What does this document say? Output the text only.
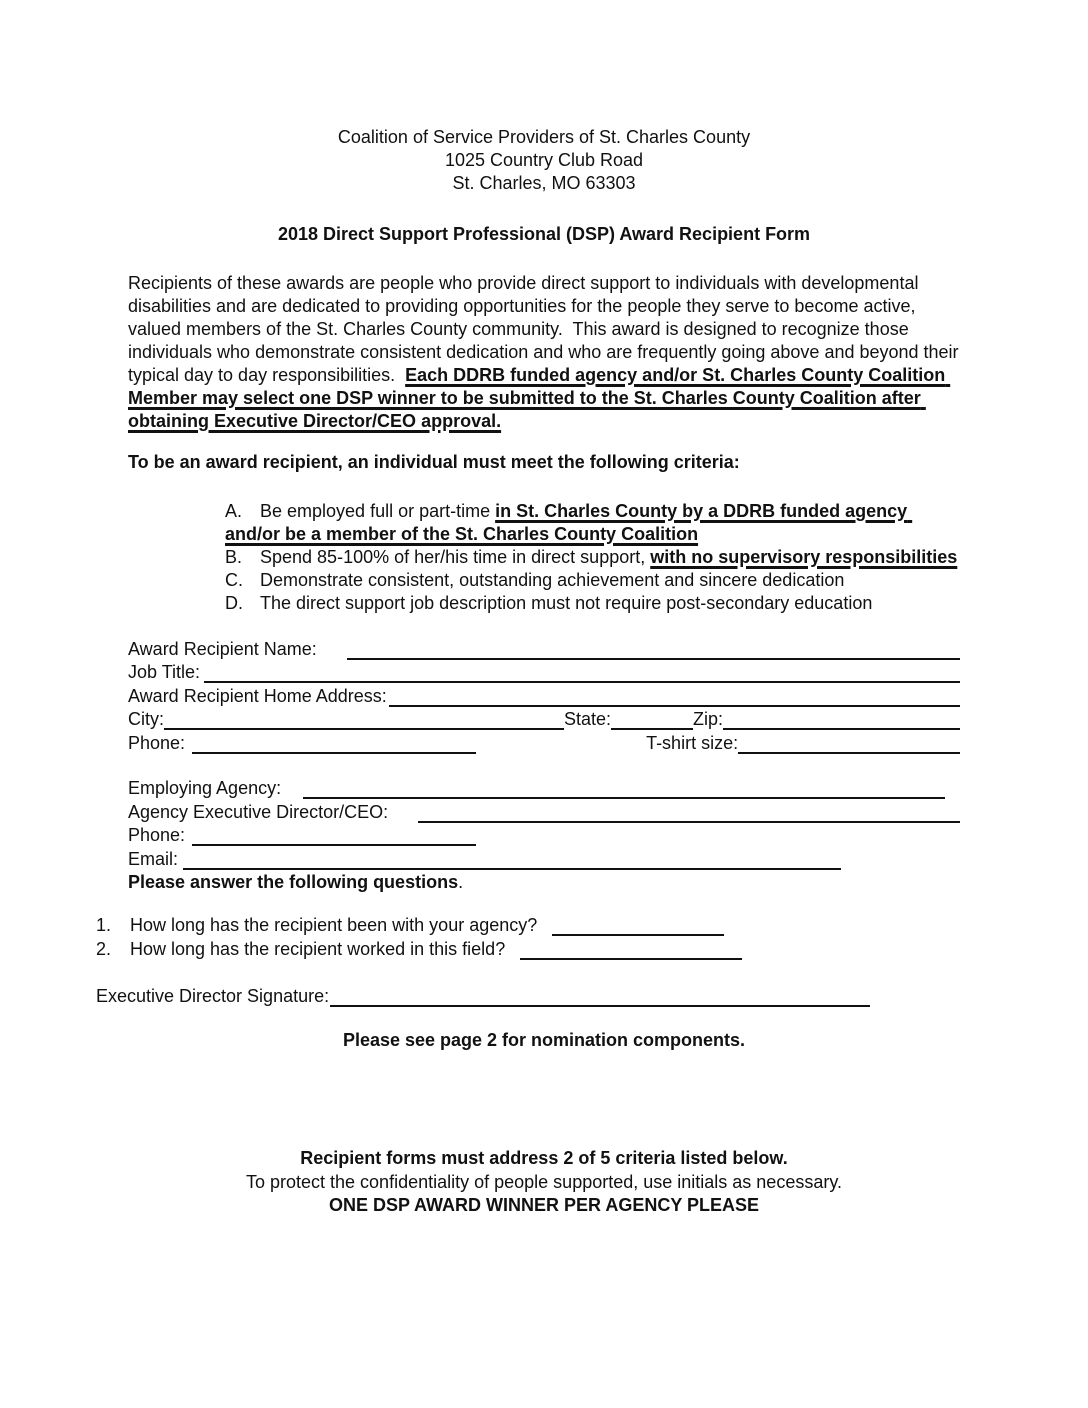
Coalition of Service Providers of St. Charles County
1025 Country Club Road
St. Charles, MO 63303
2018 Direct Support Professional (DSP) Award Recipient Form

Recipients of these awards are people who provide direct support to individuals with developmental disabilities and are dedicated to providing opportunities for the people they serve to become active, valued members of the St. Charles County community.  This award is designed to recognize those individuals who demonstrate consistent dedication and who are frequently going above and beyond their typical day to day responsibilities.  Each DDRB funded agency and/or St. Charles County Coalition Member may select one DSP winner to be submitted to the St. Charles County Coalition after obtaining Executive Director/CEO approval.

To be an award recipient, an individual must meet the following criteria:
A. Be employed full or part-time in St. Charles County by a DDRB funded agency and/or be a member of the St. Charles County Coalition
B. Spend 85-100% of her/his time in direct support, with no supervisory responsibilities
C. Demonstrate consistent, outstanding achievement and sincere dedication
D. The direct support job description must not require post-secondary education
Award Recipient Name:
Job Title:
Award Recipient Home Address:
City:	State:	Zip:
Phone:	T-shirt size:
Employing Agency:
Agency Executive Director/CEO:
Phone:
Email:
Please answer the following questions.
1.	How long has the recipient been with your agency?
2.	How long has the recipient worked in this field?
Executive Director Signature:
Please see page 2 for nomination components.
Recipient forms must address 2 of 5 criteria listed below.
To protect the confidentiality of people supported, use initials as necessary.
ONE DSP AWARD WINNER PER AGENCY PLEASE
